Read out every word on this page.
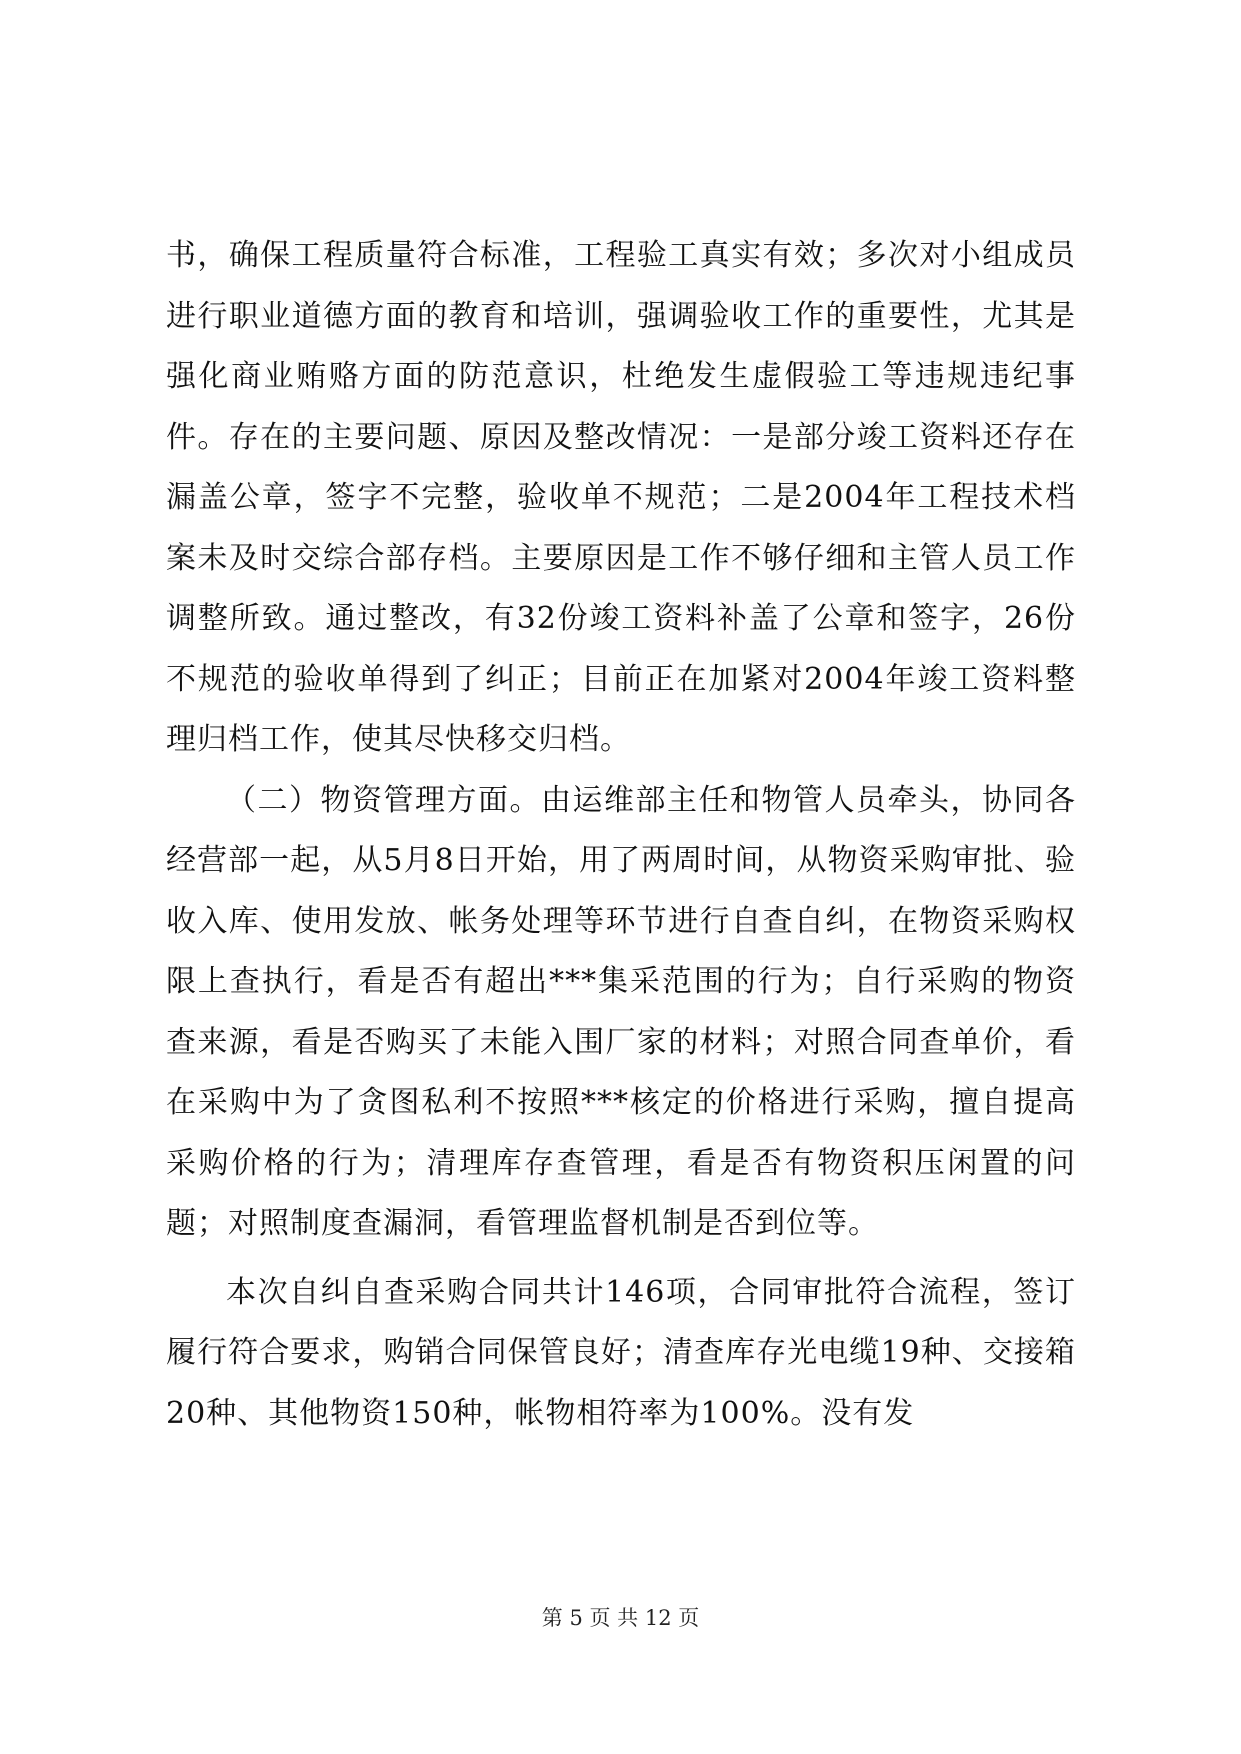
书，确保工程质量符合标准，工程验工真实有效；多次对小组成员进行职业道德方面的教育和培训，强调验收工作的重要性，尤其是强化商业贿赂方面的防范意识，杜绝发生虚假验工等违规违纪事件。存在的主要问题、原因及整改情况：一是部分竣工资料还存在漏盖公章，签字不完整，验收单不规范；二是2004年工程技术档案未及时交综合部存档。主要原因是工作不够仔细和主管人员工作调整所致。通过整改，有32份竣工资料补盖了公章和签字，26份不规范的验收单得到了纠正；目前正在加紧对2004年竣工资料整理归档工作，使其尽快移交归档。

（二）物资管理方面。由运维部主任和物管人员牵头，协同各经营部一起，从5月8日开始，用了两周时间，从物资采购审批、验收入库、使用发放、帐务处理等环节进行自查自纠，在物资采购权限上查执行，看是否有超出***集采范围的行为；自行采购的物资查来源，看是否购买了未能入围厂家的材料；对照合同查单价，看在采购中为了贪图私利不按照***核定的价格进行采购，擅自提高采购价格的行为；清理库存查管理，看是否有物资积压闲置的问题；对照制度查漏洞，看管理监督机制是否到位等。

本次自纠自查采购合同共计146项，合同审批符合流程，签订履行符合要求，购销合同保管良好；清查库存光电缆19种、交接箱20种、其他物资150种，帐物相符率为100%。没有发

第 5 页 共 12 页
